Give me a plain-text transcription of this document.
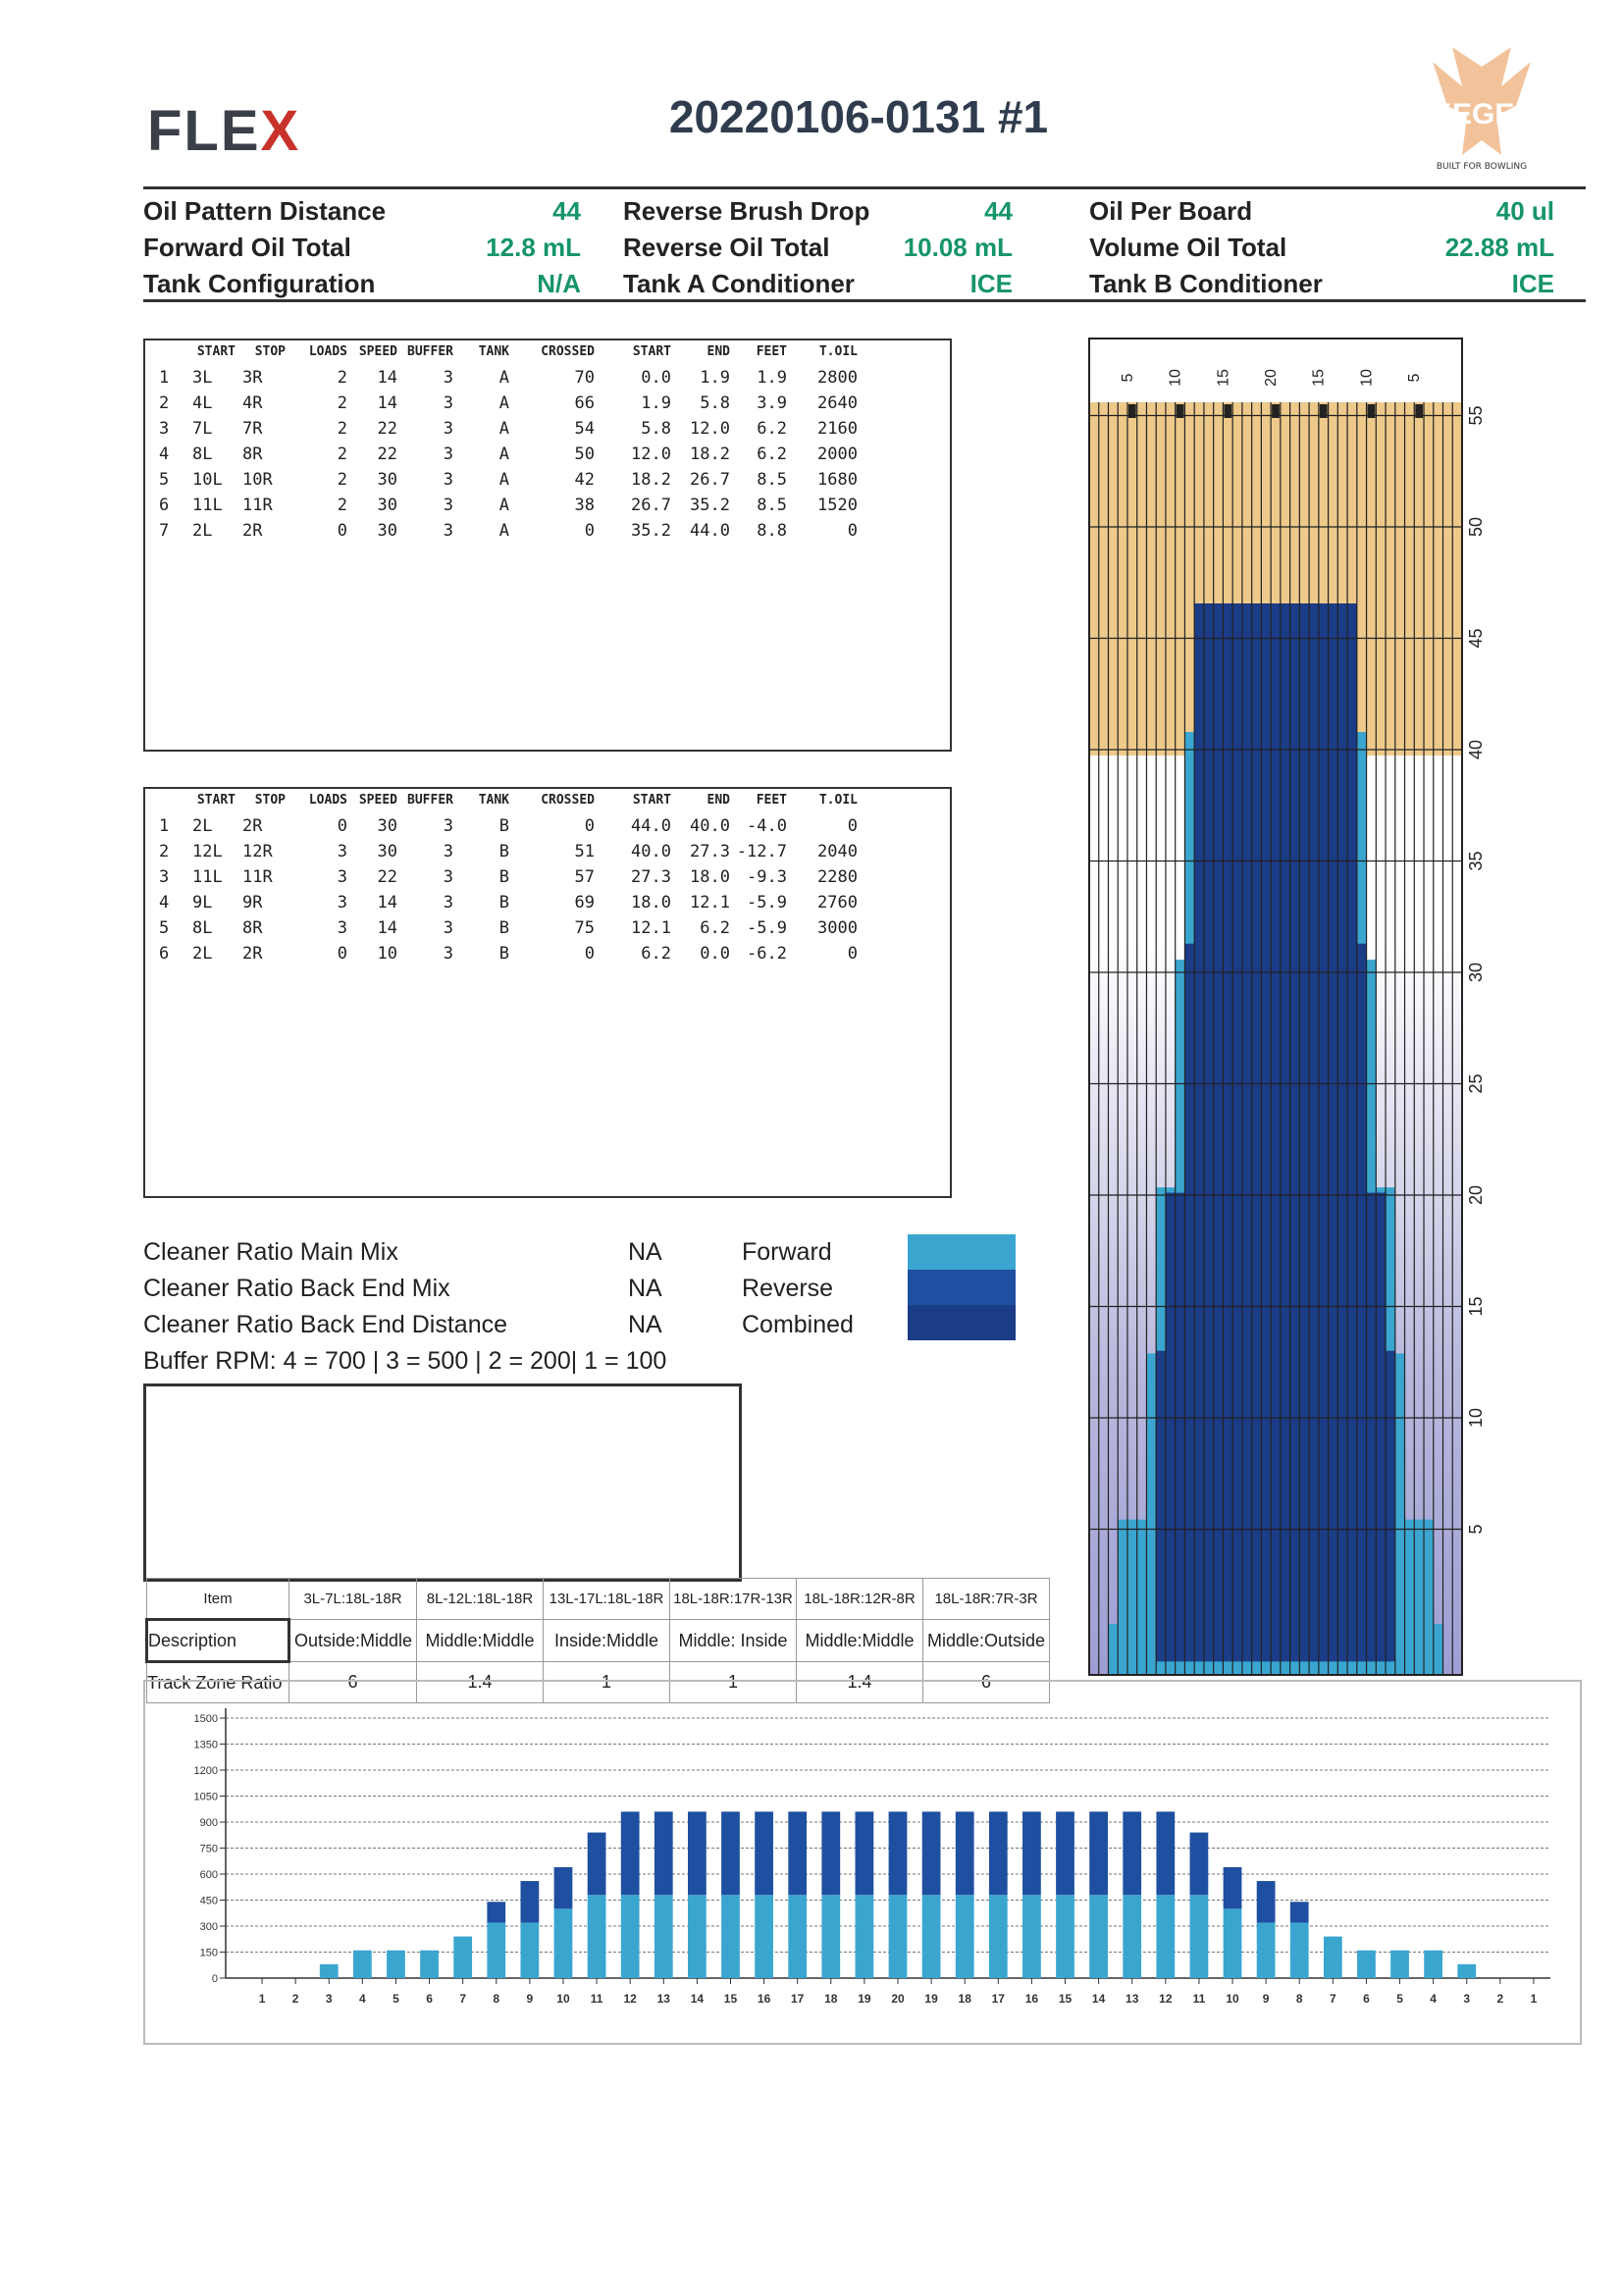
FLEX	20220106-0131 #1	KEGEL
BUILT FOR BOWLING
Oil Pattern Distance	44
Forward Oil Total	12.8 mL
Tank Configuration	N/A
Reverse Brush Drop	44
Reverse Oil Total	10.08 mL
Tank A Conditioner	ICE
Oil Per Board	40 ul
Volume Oil Total	22.88 mL
Tank B Conditioner	ICE
START STOP LOADS SPEED BUFFER TANK CROSSED	START	END FEET	T.OIL
1 3L 3R	2 14	3	A	70	0.0 1.9 1.9 2800
2 4L 4R	2 14	3	A	66	1.9 5.8 3.9 2640
3 7L 7R	2 22	3	A	54	5.8 12.0 6.2 2160
4 8L 8R	2 22	3	A	50 12.0 18.2 6.2 2000
5 10L 10R	2 30	3	A	42 18.2 26.7 8.5 1680
6 11L 11R	2 30	3	A	38 26.7 35.2 8.5 1520
7 2L 2R	0 30	3	A	0 35.2 44.0 8.8	0
START STOP LOADS SPEED BUFFER TANK CROSSED	START	END FEET	T.OIL
1 2L 2R	0 30	3	B	0 44.0 40.0 -4.0	0
2 12L 12R	3 30	3	B	51 40.0 27.3 -12.7 2040
3 11L 11R	3 22	3	B	57 27.3 18.0 -9.3 2280
4 9L 9R	3 14	3	B	69 18.0 12.1 -5.9 2760
5 8L 8R	3 14	3	B	75 12.1 6.2 -5.9 3000
6 2L 2R	0 10	3	B	0	6.2 0.0 -6.2	0
Cleaner Ratio Main Mix	NA
Cleaner Ratio Back End Mix	NA
Cleaner Ratio Back End Distance	NA
Buffer RPM: 4 = 700 | 3 = 500 | 2 = 200| 1 = 100
Forward
Reverse
Combined
Item	3L-7L:18L-18R	8L-12L:18L-18R	13L-17L:18L-18R	18L-18R:17R-13R	18L-18R:12R-8R	18L-18R:7R-3R
Description	Outside:Middle	Middle:Middle	Inside:Middle	Middle: Inside	Middle:Middle	Middle:Outside
Track Zone Ratio	6	1.4	1	1	1.4	6
5 10 15 20 15 10 5
55
50
45
40
35
30
25
20
15
10
5
0
150
300
450
600
750
900
1050
1200
1350
1500
1 2 3 4 5 6 7 8 9 10 11 12 13 14 15 16 17 18 19 20 19 18 17 16 15 14 13 12 11 10 9 8 7 6 5 4 3 2 1
